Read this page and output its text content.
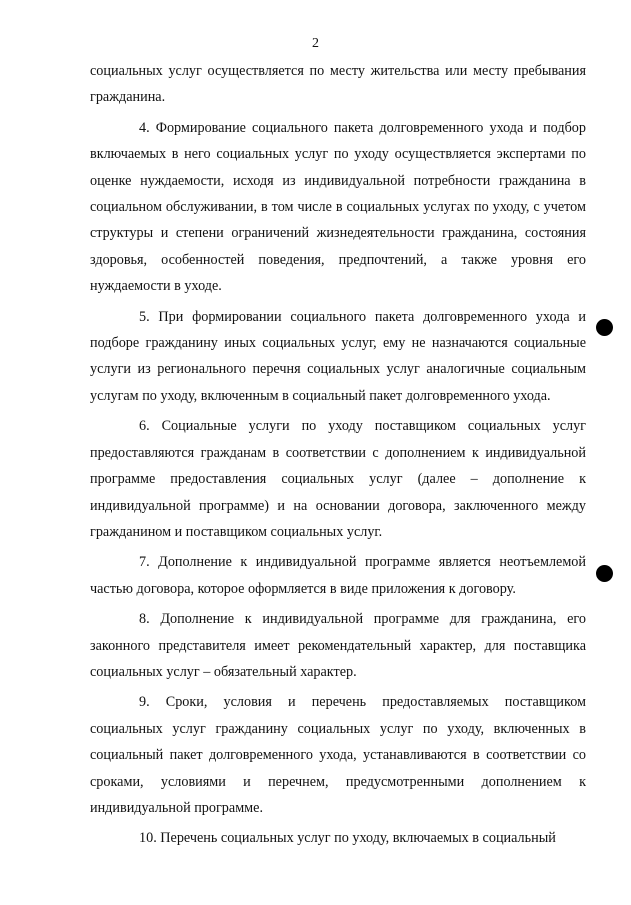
2

социальных услуг осуществляется по месту жительства или месту пребывания гражданина.

4. Формирование социального пакета долговременного ухода и подбор включаемых в него социальных услуг по уходу осуществляется экспертами по оценке нуждаемости, исходя из индивидуальной потребности гражданина в социальном обслуживании, в том числе в социальных услугах по уходу, с учетом структуры и степени ограничений жизнедеятельности гражданина, состояния здоровья, особенностей поведения, предпочтений, а также уровня его нуждаемости в уходе.

5. При формировании социального пакета долговременного ухода и подборе гражданину иных социальных услуг, ему не назначаются социальные услуги из регионального перечня социальных услуг аналогичные социальным услугам по уходу, включенным в социальный пакет долговременного ухода.

6. Социальные услуги по уходу поставщиком социальных услуг предоставляются гражданам в соответствии с дополнением к индивидуальной программе предоставления социальных услуг (далее – дополнение к индивидуальной программе) и на основании договора, заключенного между гражданином и поставщиком социальных услуг.

7. Дополнение к индивидуальной программе является неотъемлемой частью договора, которое оформляется в виде приложения к договору.

8. Дополнение к индивидуальной программе для гражданина, его законного представителя имеет рекомендательный характер, для поставщика социальных услуг – обязательный характер.

9. Сроки, условия и перечень предоставляемых поставщиком социальных услуг гражданину социальных услуг по уходу, включенных в социальный пакет долговременного ухода, устанавливаются в соответствии со сроками, условиями и перечнем, предусмотренными дополнением к индивидуальной программе.

10. Перечень социальных услуг по уходу, включаемых в социальный
